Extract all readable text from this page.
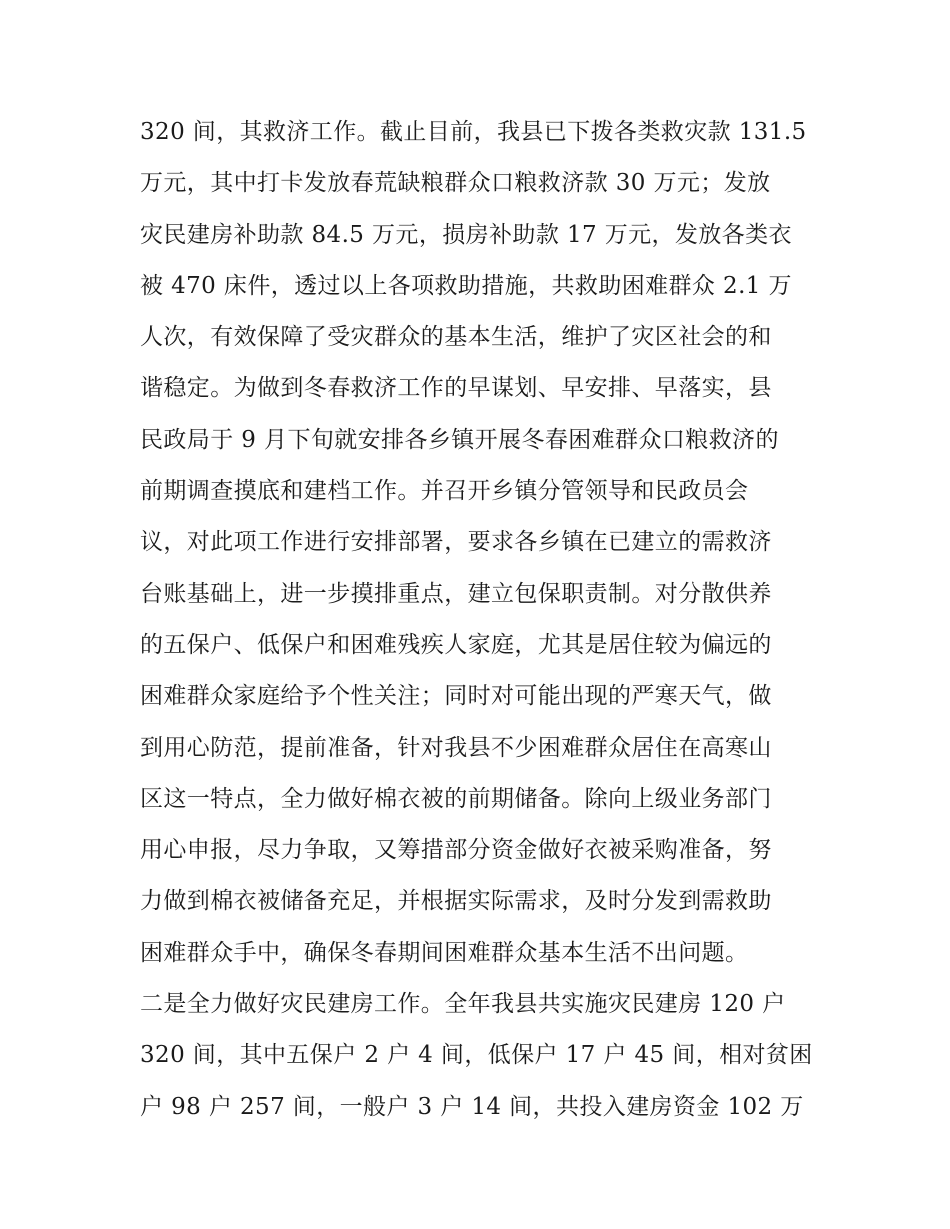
320 间，其救济工作。截止目前，我县已下拨各类救灾款 131.5
万元，其中打卡发放春荒缺粮群众口粮救济款 30 万元；发放
灾民建房补助款 84.5 万元，损房补助款 17 万元，发放各类衣
被 470 床件，透过以上各项救助措施，共救助困难群众 2.1 万
人次，有效保障了受灾群众的基本生活，维护了灾区社会的和
谐稳定。为做到冬春救济工作的早谋划、早安排、早落实，县
民政局于 9 月下旬就安排各乡镇开展冬春困难群众口粮救济的
前期调查摸底和建档工作。并召开乡镇分管领导和民政员会
议，对此项工作进行安排部署，要求各乡镇在已建立的需救济
台账基础上，进一步摸排重点，建立包保职责制。对分散供养
的五保户、低保户和困难残疾人家庭，尤其是居住较为偏远的
困难群众家庭给予个性关注；同时对可能出现的严寒天气，做
到用心防范，提前准备，针对我县不少困难群众居住在高寒山
区这一特点，全力做好棉衣被的前期储备。除向上级业务部门
用心申报，尽力争取，又筹措部分资金做好衣被采购准备，努
力做到棉衣被储备充足，并根据实际需求，及时分发到需救助
困难群众手中，确保冬春期间困难群众基本生活不出问题。
二是全力做好灾民建房工作。全年我县共实施灾民建房 120 户
320 间，其中五保户 2 户 4 间，低保户 17 户 45 间，相对贫困
户 98 户 257 间，一般户 3 户 14 间，共投入建房资金 102 万
